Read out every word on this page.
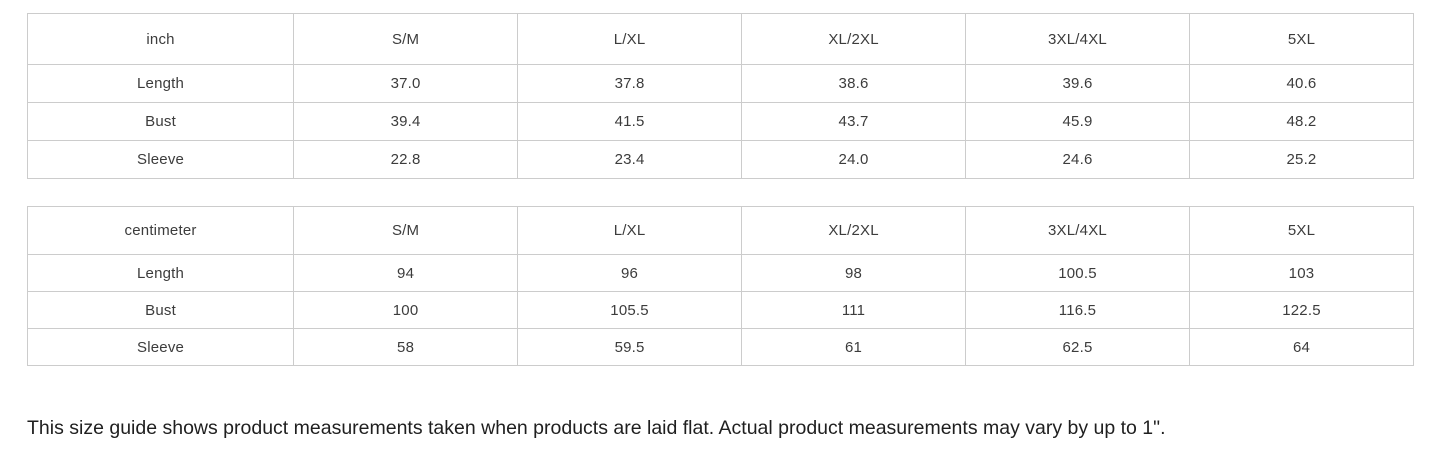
inch	S/M	L/XL	XL/2XL	3XL/4XL	5XL
Length	37.0	37.8	38.6	39.6	40.6
Bust	39.4	41.5	43.7	45.9	48.2
Sleeve	22.8	23.4	24.0	24.6	25.2
centimeter	S/M	L/XL	XL/2XL	3XL/4XL	5XL
Length	94	96	98	100.5	103
Bust	100	105.5	111	116.5	122.5
Sleeve	58	59.5	61	62.5	64

This size guide shows product measurements taken when products are laid flat. Actual product measurements may vary by up to 1".
